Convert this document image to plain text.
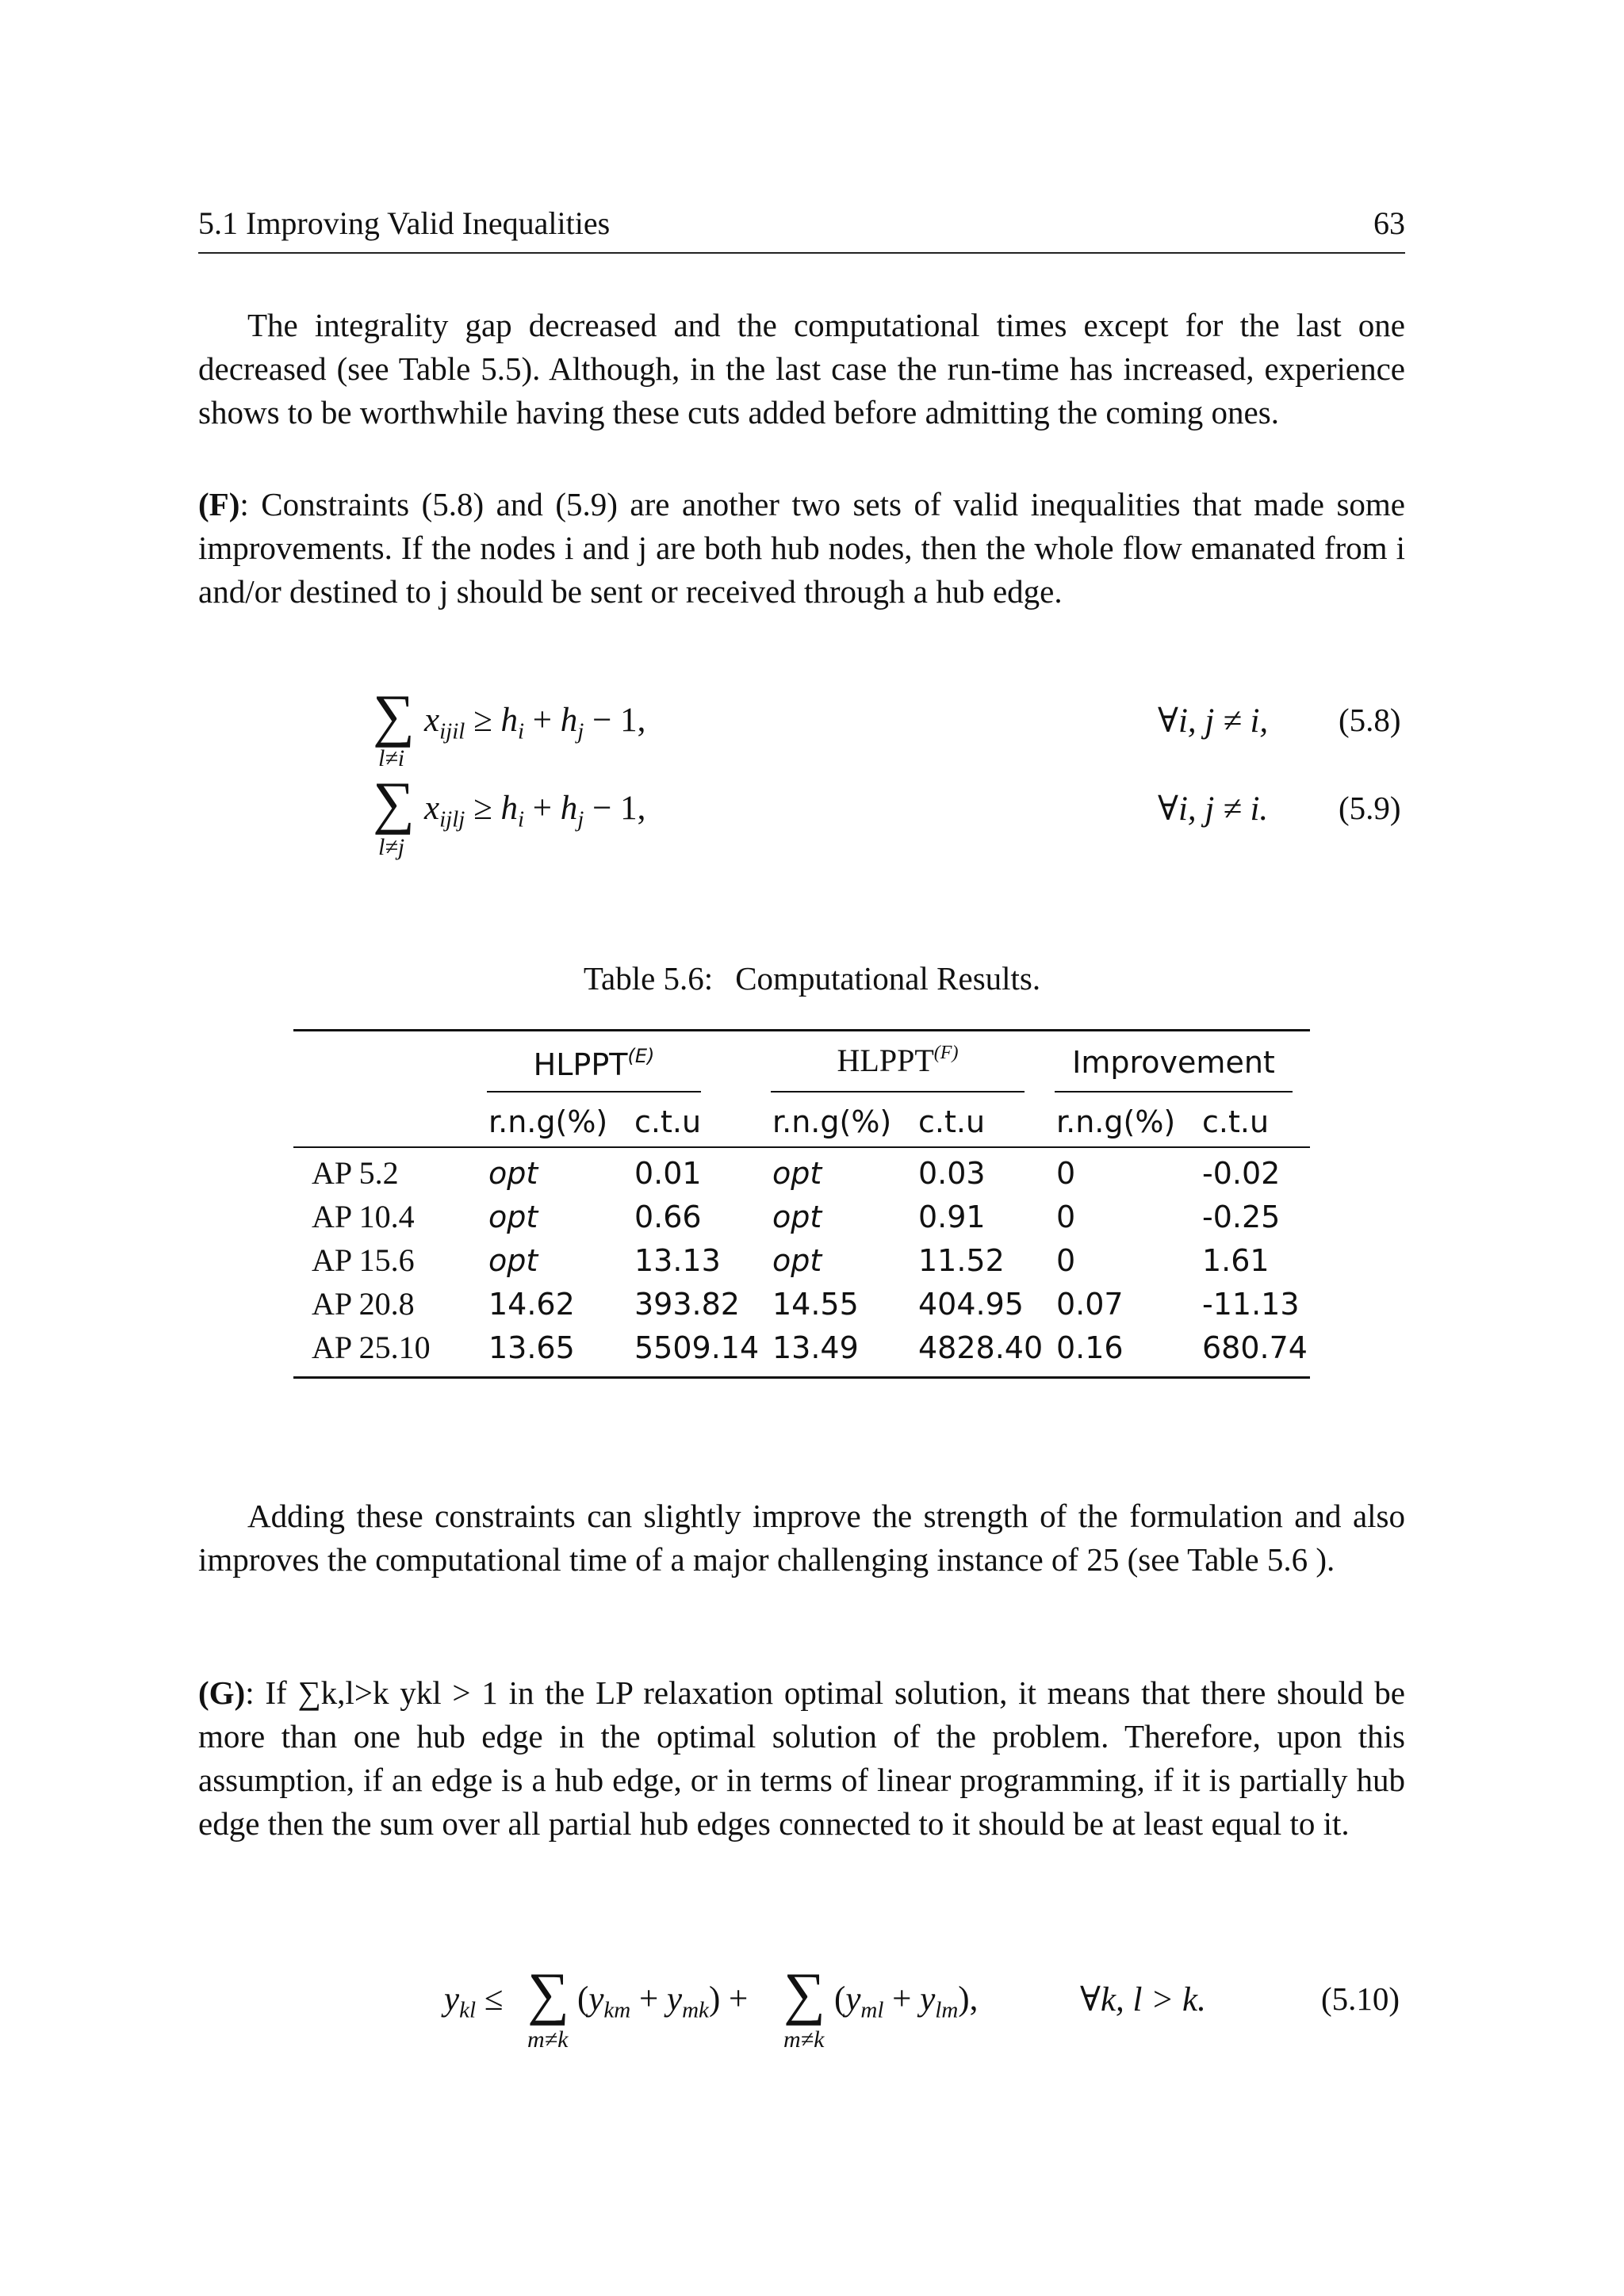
5.1 Improving Valid Inequalities	63
The integrality gap decreased and the computational times except for the last one decreased (see Table 5.5). Although, in the last case the run-time has increased, experience shows to be worthwhile having these cuts added before admitting the coming ones.
(F): Constraints (5.8) and (5.9) are another two sets of valid inequalities that made some improvements. If the nodes i and j are both hub nodes, then the whole flow emanated from i and/or destined to j should be sent or received through a hub edge.
∑
l≠i
$x_{ijil} \ge h_i + h_j - 1$,	∀i, j ≠ i, (5.8)
∑
l≠j
$x_{ijlj} \ge h_i + h_j - 1$,	∀i, j ≠ i. (5.9)
Table 5.6: Computational Results.
$HLPPT^{(E)}$	$HLPPT^{(F)}$	Improvement
r.n.g(%) c.t.u r.n.g(%) c.t.u r.n.g(%) c.t.u
AP 5.2	opt	0.01 opt	0.03 0	-0.02
AP 10.4 opt	0.66 opt	0.91 0	-0.25
AP 15.6 opt	13.13 opt	11.52 0	1.61
AP 20.8 14.62 393.82 14.55 404.95 0.07	-11.13
AP 25.10 13.65 5509.14 13.49 4828.40 0.16	680.74
Adding these constraints can slightly improve the strength of the formulation and also improves the computational time of a major challenging instance of 25 (see Table 5.6 ).
(G): If ∑k,l>k ykl > 1 in the LP relaxation optimal solution, it means that there should be more than one hub edge in the optimal solution of the problem. Therefore, upon this assumption, if an edge is a hub edge, or in terms of linear programming, if it is partially hub edge then the sum over all partial hub edges connected to it should be at least equal to it.
$y_{kl}$ ≤ ∑
m≠k
$(y_{km} + y_{mk})$ + ∑
m≠k
$(y_{ml} + y_{lm})$,	∀k, l > k.	(5.10)
